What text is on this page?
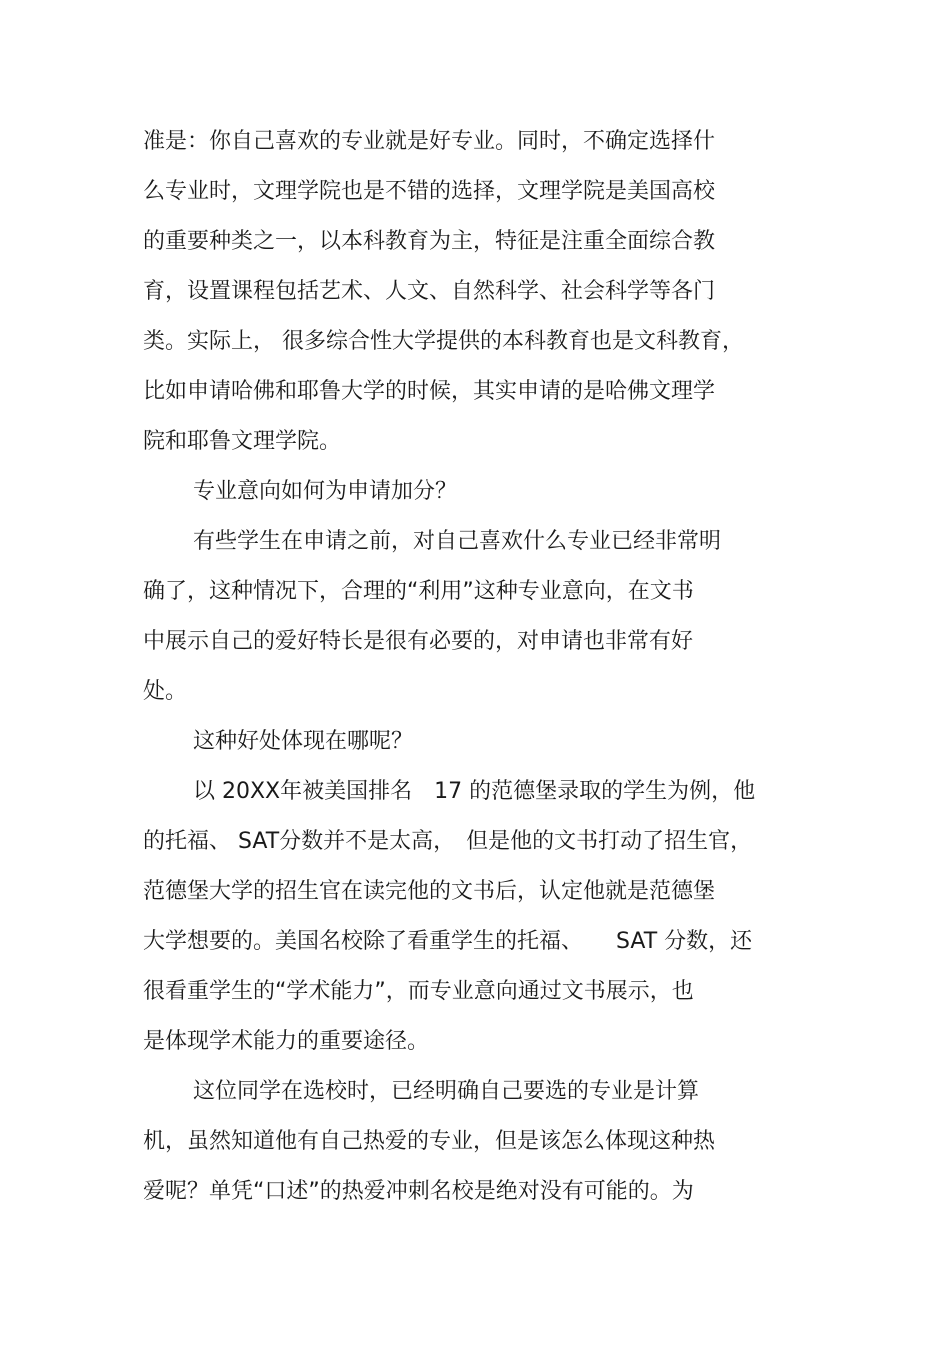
准是：你自己喜欢的专业就是好专业。同时，不确定选择什

么专业时，文理学院也是不错的选择，文理学院是美国高校

的重要种类之一，以本科教育为主，特征是注重全面综合教

育，设置课程包括艺术、人文、自然科学、社会科学等各门

类。实际上， 很多综合性大学提供的本科教育也是文科教育，

比如申请哈佛和耶鲁大学的时候，其实申请的是哈佛文理学

院和耶鲁文理学院。

专业意向如何为申请加分？

有些学生在申请之前，对自己喜欢什么专业已经非常明

确了，这种情况下，合理的“利用”这种专业意向，在文书

中展示自己的爱好特长是很有必要的，对申请也非常有好

处。

这种好处体现在哪呢？

以 20XX年被美国排名　17 的范德堡录取的学生为例，他

的托福、 SAT分数并不是太高，　但是他的文书打动了招生官，

范德堡大学的招生官在读完他的文书后，认定他就是范德堡

大学想要的。美国名校除了看重学生的托福、　　SAT 分数，还

很看重学生的“学术能力”，而专业意向通过文书展示，也

是体现学术能力的重要途径。

这位同学在选校时，已经明确自己要选的专业是计算

机，虽然知道他有自己热爱的专业，但是该怎么体现这种热

爱呢？单凭“口述”的热爱冲刺名校是绝对没有可能的。为
